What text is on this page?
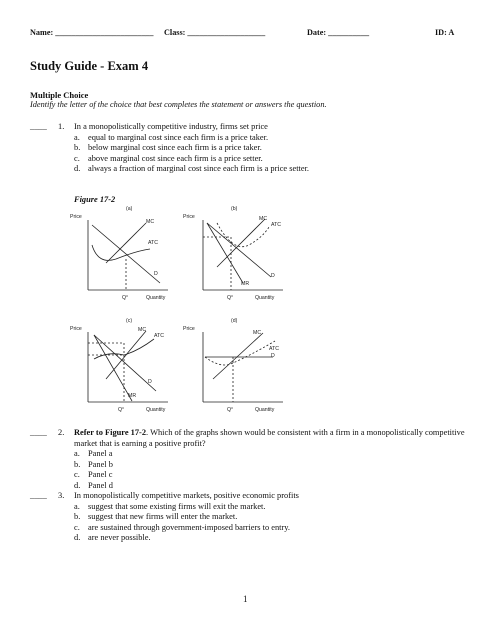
Name: ________________________ Class: ___________________	Date: __________	ID: A
Study Guide - Exam 4
Multiple Choice
Identify the letter of the choice that best completes the statement or answers the question.
____ 1. In a monopolistically competitive industry, firms set price
a. equal to marginal cost since each firm is a price taker.
b. below marginal cost since each firm is a price taker.
c. above marginal cost since each firm is a price setter.
d. always a fraction of marginal cost since each firm is a price setter.
Figure 17-2
(a)
Price
Quantity
Q°
MC
ATC
D
(b)
Price
Quantity
Q°
MC
ATC
D
MR
(c)
Price
Quantity
Q°
MC
ATC
D
MR
(d)
Price
Quantity
Q°
MC
ATC
D
____ 2. Refer to Figure 17-2. Which of the graphs shown would be consistent with a firm in a monopolistically competitive market that is earning a positive profit?
a. Panel a
b. Panel b
c. Panel c
d. Panel d
____ 3. In monopolistically competitive markets, positive economic profits
a. suggest that some existing firms will exit the market.
b. suggest that new firms will enter the market.
c. are sustained through government-imposed barriers to entry.
d. are never possible.
1
